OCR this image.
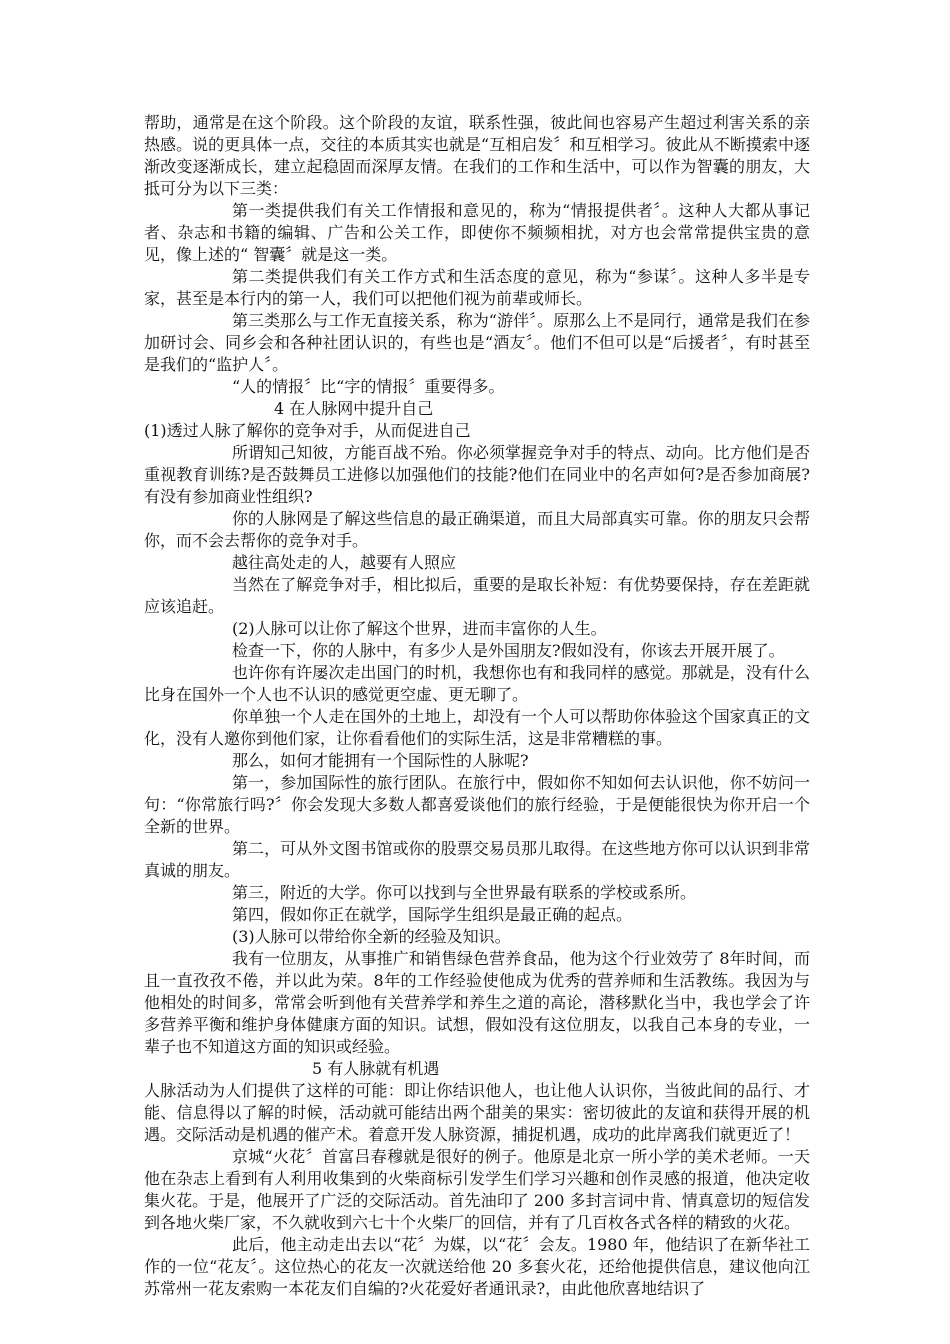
帮助，通常是在这个阶段。这个阶段的友谊，联系性强，彼此间也容易产生超过利害关系的亲热感。说的更具体一点，交往的本质其实也就是“互相启发〞和互相学习。彼此从不断摸索中逐渐改变逐渐成长，建立起稳固而深厚友情。在我们的工作和生活中，可以作为智囊的朋友，大抵可分为以下三类：

第一类提供我们有关工作情报和意见的，称为“情报提供者〞。这种人大都从事记者、杂志和书籍的编辑、广告和公关工作，即使你不频频相扰，对方也会常常提供宝贵的意见，像上述的“ 智囊〞就是这一类。

第二类提供我们有关工作方式和生活态度的意见，称为“参谋〞。这种人多半是专家，甚至是本行内的第一人，我们可以把他们视为前辈或师长。

第三类那么与工作无直接关系，称为“游伴〞。原那么上不是同行，通常是我们在参加研讨会、同乡会和各种社团认识的，有些也是“酒友〞。他们不但可以是“后援者〞，有时甚至是我们的“监护人〞。

“人的情报〞比“字的情报〞重要得多。

4 在人脉网中提升自己

(1)透过人脉了解你的竞争对手，从而促进自己

所谓知己知彼，方能百战不殆。你必须掌握竞争对手的特点、动向。比方他们是否重视教育训练?是否鼓舞员工进修以加强他们的技能?他们在同业中的名声如何?是否参加商展?有没有参加商业性组织?

你的人脉网是了解这些信息的最正确渠道，而且大局部真实可靠。你的朋友只会帮你，而不会去帮你的竞争对手。

越往高处走的人，越要有人照应

当然在了解竞争对手，相比拟后，重要的是取长补短：有优势要保持，存在差距就应该追赶。

(2)人脉可以让你了解这个世界，进而丰富你的人生。

检查一下，你的人脉中，有多少人是外国朋友?假如没有，你该去开展开展了。

也许你有许屡次走出国门的时机，我想你也有和我同样的感觉。那就是，没有什么比身在国外一个人也不认识的感觉更空虚、更无聊了。

你单独一个人走在国外的土地上，却没有一个人可以帮助你体验这个国家真正的文化，没有人邀你到他们家，让你看看他们的实际生活，这是非常糟糕的事。

那么，如何才能拥有一个国际性的人脉呢?

第一，参加国际性的旅行团队。在旅行中，假如你不知如何去认识他，你不妨问一句：“你常旅行吗?〞你会发现大多数人都喜爱谈他们的旅行经验，于是便能很快为你开启一个全新的世界。

第二，可从外文图书馆或你的股票交易员那儿取得。在这些地方你可以认识到非常真诚的朋友。

第三，附近的大学。你可以找到与全世界最有联系的学校或系所。

第四，假如你正在就学，国际学生组织是最正确的起点。

(3)人脉可以带给你全新的经验及知识。

我有一位朋友，从事推广和销售绿色营养食品，他为这个行业效劳了 8年时间，而且一直孜孜不倦，并以此为荣。8年的工作经验使他成为优秀的营养师和生活教练。我因为与他相处的时间多，常常会听到他有关营养学和养生之道的高论，潜移默化当中，我也学会了许多营养平衡和维护身体健康方面的知识。试想，假如没有这位朋友，以我自己本身的专业，一辈子也不知道这方面的知识或经验。

5 有人脉就有机遇

人脉活动为人们提供了这样的可能：即让你结识他人，也让他人认识你，当彼此间的品行、才能、信息得以了解的时候，活动就可能结出两个甜美的果实：密切彼此的友谊和获得开展的机遇。交际活动是机遇的催产术。着意开发人脉资源，捕捉机遇，成功的此岸离我们就更近了！

京城“火花〞首富吕春穆就是很好的例子。他原是北京一所小学的美术老师。一天他在杂志上看到有人利用收集到的火柴商标引发学生们学习兴趣和创作灵感的报道，他决定收集火花。于是，他展开了广泛的交际活动。首先油印了 200 多封言词中肯、情真意切的短信发到各地火柴厂家，不久就收到六七十个火柴厂的回信，并有了几百枚各式各样的精致的火花。

此后，他主动走出去以“花〞为媒，以“花〞会友。1980 年，他结识了在新华社工作的一位“花友〞。这位热心的花友一次就送给他 20 多套火花，还给他提供信息，建议他向江苏常州一花友索购一本花友们自编的?火花爱好者通讯录?，由此他欣喜地结识了
